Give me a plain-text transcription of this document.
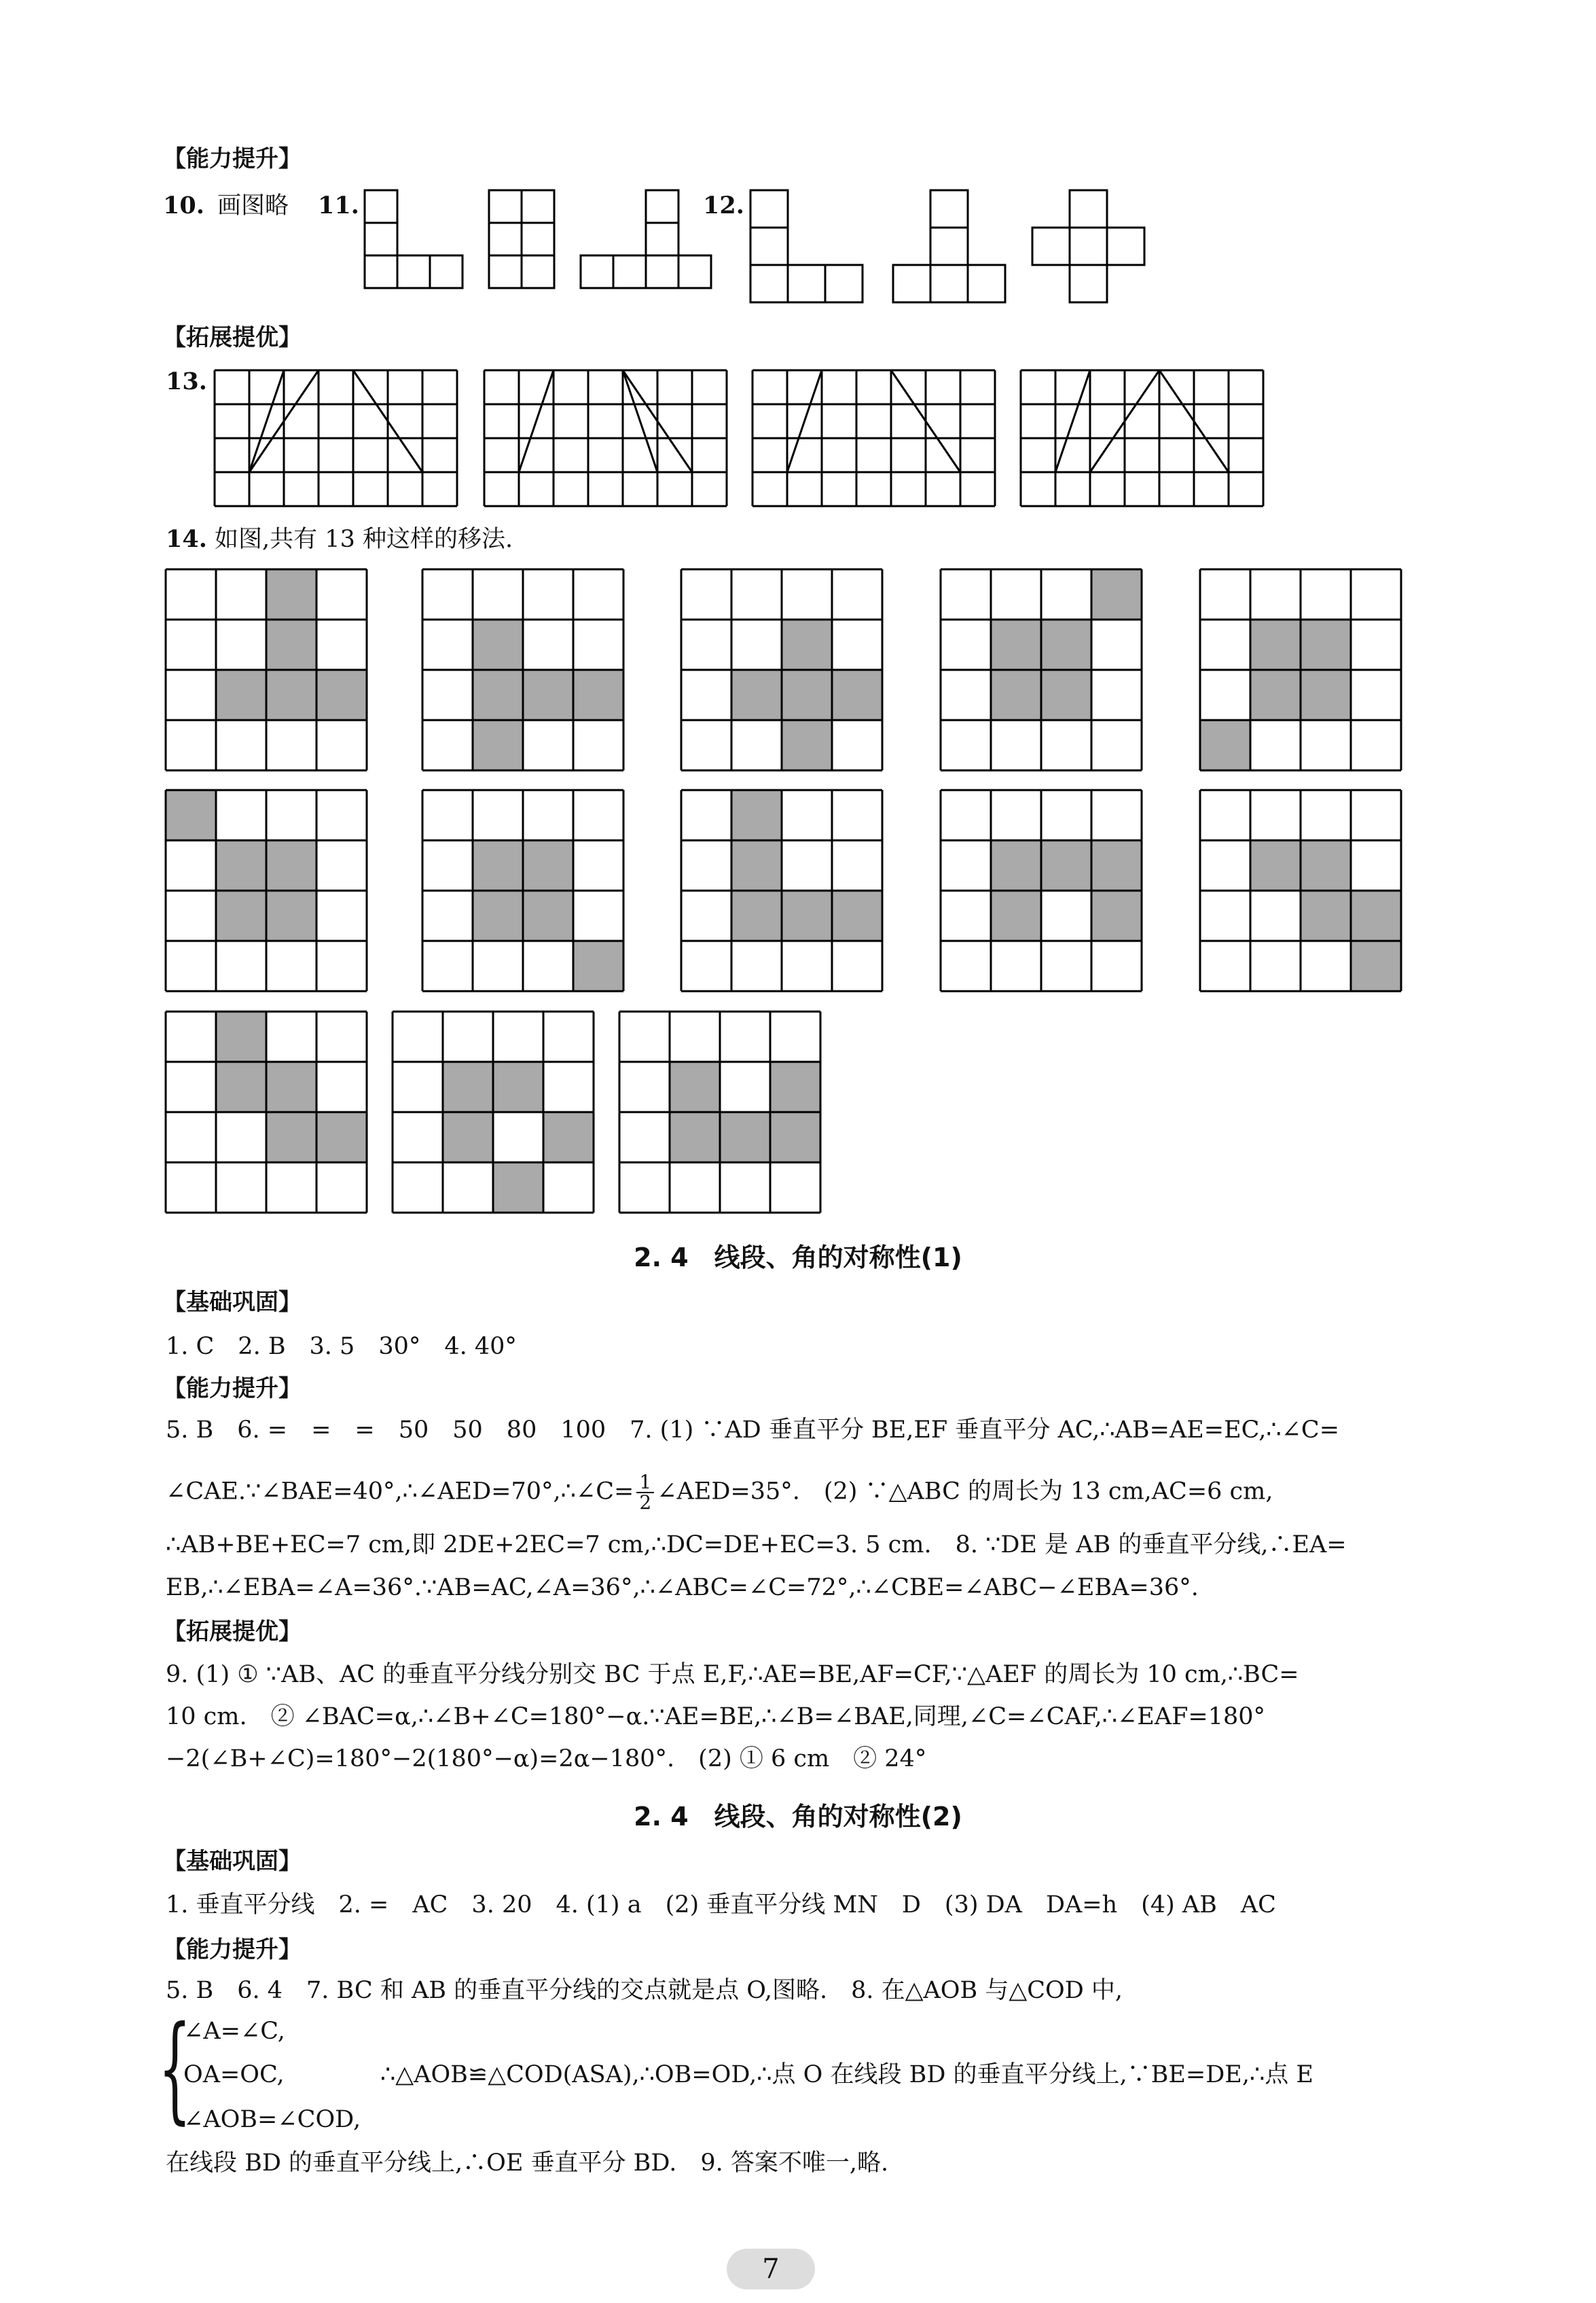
【能力提升】
10. 画图略 11.	12.
【拓展提优】
13.
14. 如图,共有 13 种这样的移法.
2. 4　线段、角的对称性(1)
【基础巩固】
1. C　2. B　3. 5　30°　4. 40°
【能力提升】
5. B　6. =　=　=　50　50　80　100　7. (1) ∵AD 垂直平分 BE,EF 垂直平分 AC,∴AB=AE=EC,∴∠C=
∠CAE.∵∠BAE=40°,∴∠AED=70°,∴∠C= $\frac{1}{2}$ ∠AED=35°.　(2) ∵△ABC 的周长为 13 cm,AC=6 cm,
∴AB+BE+EC=7 cm,即 2DE+2EC=7 cm,∴DC=DE+EC=3. 5 cm.　8. ∵DE 是 AB 的垂直平分线,∴EA=
EB,∴∠EBA=∠A=36°.∵AB=AC,∠A=36°,∴∠ABC=∠C=72°,∴∠CBE=∠ABC−∠EBA=36°.
【拓展提优】
9. (1) ① ∵AB、AC 的垂直平分线分别交 BC 于点 E,F,∴AE=BE,AF=CF,∵△AEF 的周长为 10 cm,∴BC=
10 cm.　② ∠BAC=α,∴∠B+∠C=180°−α.∵AE=BE,∴∠B=∠BAE,同理,∠C=∠CAF,∴∠EAF=180°
−2(∠B+∠C)=180°−2(180°−α)=2α−180°.　(2) ① 6 cm　② 24°
2. 4　线段、角的对称性(2)
【基础巩固】
1. 垂直平分线　2. =　AC　3. 20　4. (1) a　(2) 垂直平分线 MN　D　(3) DA　DA=h　(4) AB　AC
【能力提升】
5. B　6. 4　7. BC 和 AB 的垂直平分线的交点就是点 O,图略.　8. 在△AOB 与△COD 中,
{
∠A=∠C,
OA=OC,
∠AOB=∠COD,
∴△AOB≌△COD(ASA),∴OB=OD,∴点 O 在线段 BD 的垂直平分线上,∵BE=DE,∴点 E
在线段 BD 的垂直平分线上,∴OE 垂直平分 BD.　9. 答案不唯一,略.
7
